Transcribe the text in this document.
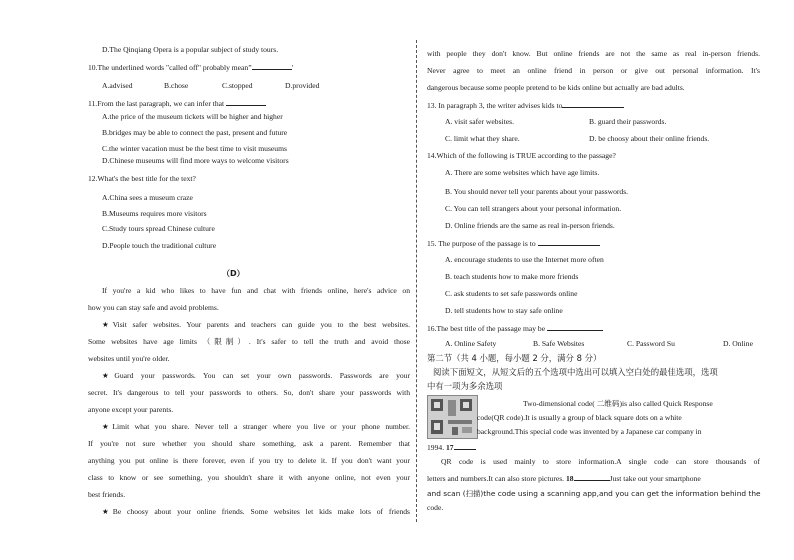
D.The Qinqiang Opera is a popular subject of study tours.
10.The underlined words "called off" probably mean”	'
A.advised	B.chose	C.stopped	D.provided
11.From the last paragraph, we can infer that
A.the price of the museum tickets will be higher and higher
B.bridges may be able to connect the past, present and future
C.the winter vacation must be the best time to visit museums
D.Chinese museums will find more ways to welcome visitors
12.What's the best title for the text?
A.China sees a museum craze
B.Museums requires more visitors
C.Study tours spread Chinese culture
D.People touch the traditional culture
（D）
If you're a kid who likes to have fun and chat with friends online, here's advice on
how you can stay safe and avoid problems.
★Visit safer websites. Your parents and teachers can guide you to the best websites.
Some websites have age limits （限制）. It's safer to tell the truth and avoid those
websites until you're older.
★Guard your passwords. You can set your own passwords. Passwords are your
secret. It's dangerous to tell your passwords to others. So, don't share your passwords with
anyone except your parents.
★Limit what you share. Never tell a stranger where you live or your phone number.
If you're not sure whether you should share something, ask a parent. Remember that
anything you put online is there forever, even if you try to delete it. If you don't want your
class to know or see something, you shouldn't share it with anyone online, not even your
best friends.
★Be choosy about your online friends. Some websites let kids make lots of friends
with people they don't know. But online friends are not the same as real in-person friends.
Never agree to meet an online friend in person or give out personal information. It's
dangerous because some people pretend to be kids online but actually are bad adults.
13. In paragraph 3, the writer advises kids to
A. visit safer websites.	B. guard their passwords.
C. limit what they share.	D. be choosy about their online friends.
14.Which of the following is TRUE according to the passage?
A. There are some websites which have age limits.
B. You should never tell your parents about your passwords.
C. You can tell strangers about your personal information.
D. Online friends are the same as real in-person friends.
15. The purpose of the passage is to
A. encourage students to use the Internet more often
B. teach students how to make more friends
C. ask students to set safe passwords online
D. tell students how to stay safe online
16.The best title of the passage may be
A. Online Safety	B. Safe Websites	C. Password Su	D. Online
第二节（共 4 小题，每小题 2 分，满分 8 分）
阅读下面短文，从短文后的五个选项中选出可以填入空白处的最佳选项，选项
中有一项为多余选项
Two-dimensional code( 二维码)is also called Quick Response
code(QR code).It is usually a group of black square dots on a white
background.This special code was invented by a Japanese car company in
1994. 17
QR code is used mainly to store information.A single code can store thousands of
letters and numbers.It can also store pictures. 18	Just take out your smartphone
and scan (扫描)the code using a scanning app,and you can get the information behind the
code.
